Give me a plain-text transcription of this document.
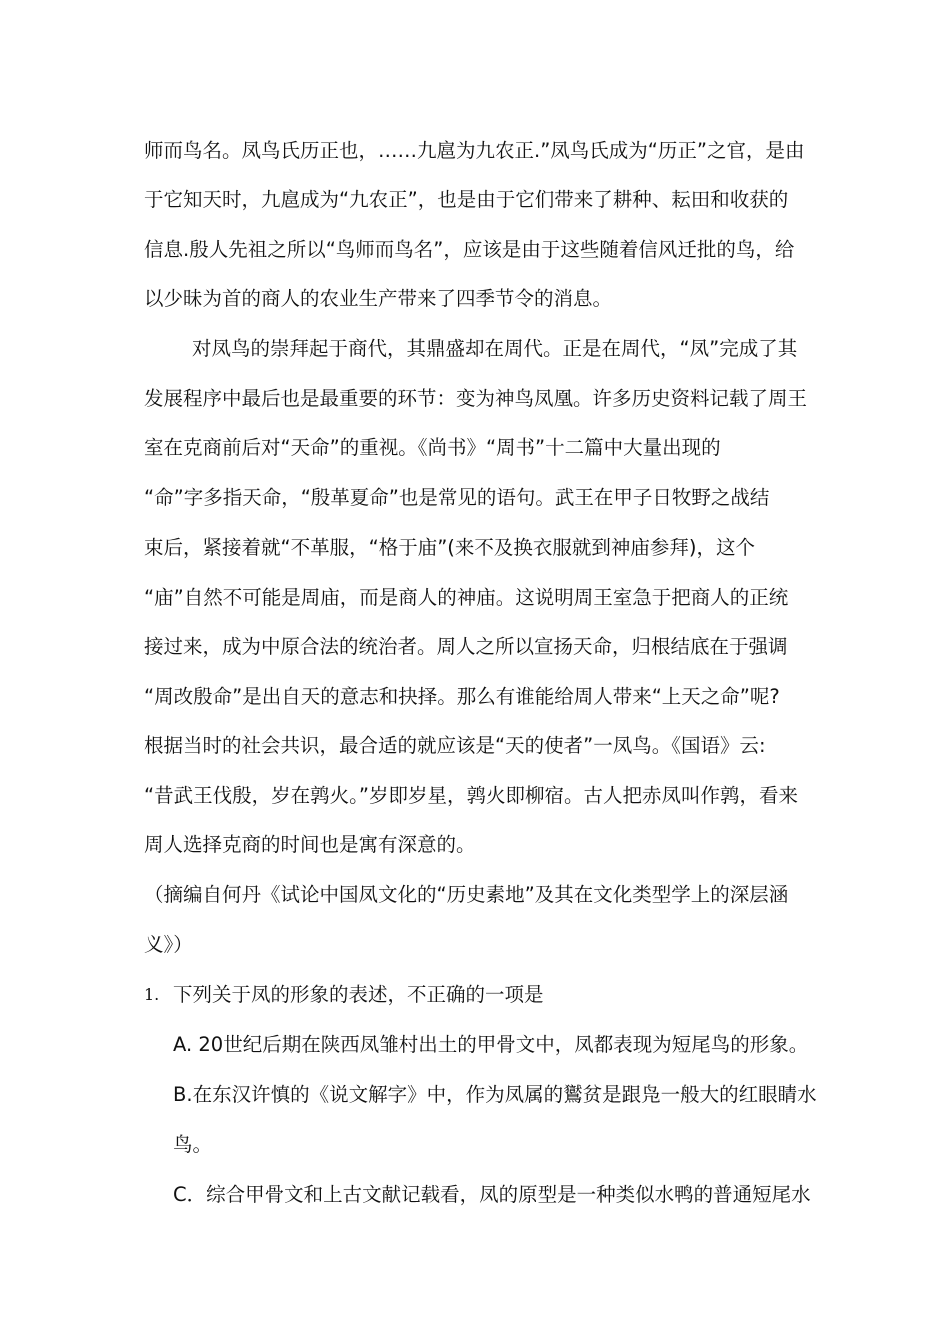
师而鸟名。凤鸟氏历正也，……九扈为九农正.”凤鸟氏成为“历正”之官，是由
于它知天时，九扈成为“九农正”，也是由于它们带来了耕种、耘田和收获的
信息.殷人先祖之所以“鸟师而鸟名”，应该是由于这些随着信风迁批的鸟，给
以少昧为首的商人的农业生产带来了四季节令的消息。
对凤鸟的崇拜起于商代，其鼎盛却在周代。正是在周代，“凤”完成了其
发展程序中最后也是最重要的环节：变为神鸟凤凰。许多历史资料记载了周王
室在克商前后对“天命”的重视。《尚书》“周书”十二篇中大量出现的
“命”字多指天命，“殷革夏命”也是常见的语句。武王在甲子日牧野之战结
束后，紧接着就“不革服，“格于庙”(来不及换衣服就到神庙参拜)，这个
“庙”自然不可能是周庙，而是商人的神庙。这说明周王室急于把商人的正统
接过来，成为中原合法的统治者。周人之所以宣扬天命，归根结底在于强调
“周改殷命”是出自天的意志和抉择。那么有谁能给周人带来“上天之命”呢?
根据当时的社会共识，最合适的就应该是“天的使者”一凤鸟。《国语》云:
“昔武王伐殷，岁在鹑火。”岁即岁星，鹑火即柳宿。古人把赤凤叫作鹑，看来
周人选择克商的时间也是寓有深意的。
（摘编自何丹《试论中国凤文化的“历史素地”及其在文化类型学上的深层涵
义》）
1. 下列关于凤的形象的表述，不正确的一项是
A. 20世纪后期在陕西凤雏村出土的甲骨文中，凤都表现为短尾鸟的形象。
B.在东汉许慎的《说文解字》中，作为凤属的鸑贫是跟凫一般大的红眼睛水
鸟。
C．综合甲骨文和上古文献记载看，凤的原型是一种类似水鸭的普通短尾水
